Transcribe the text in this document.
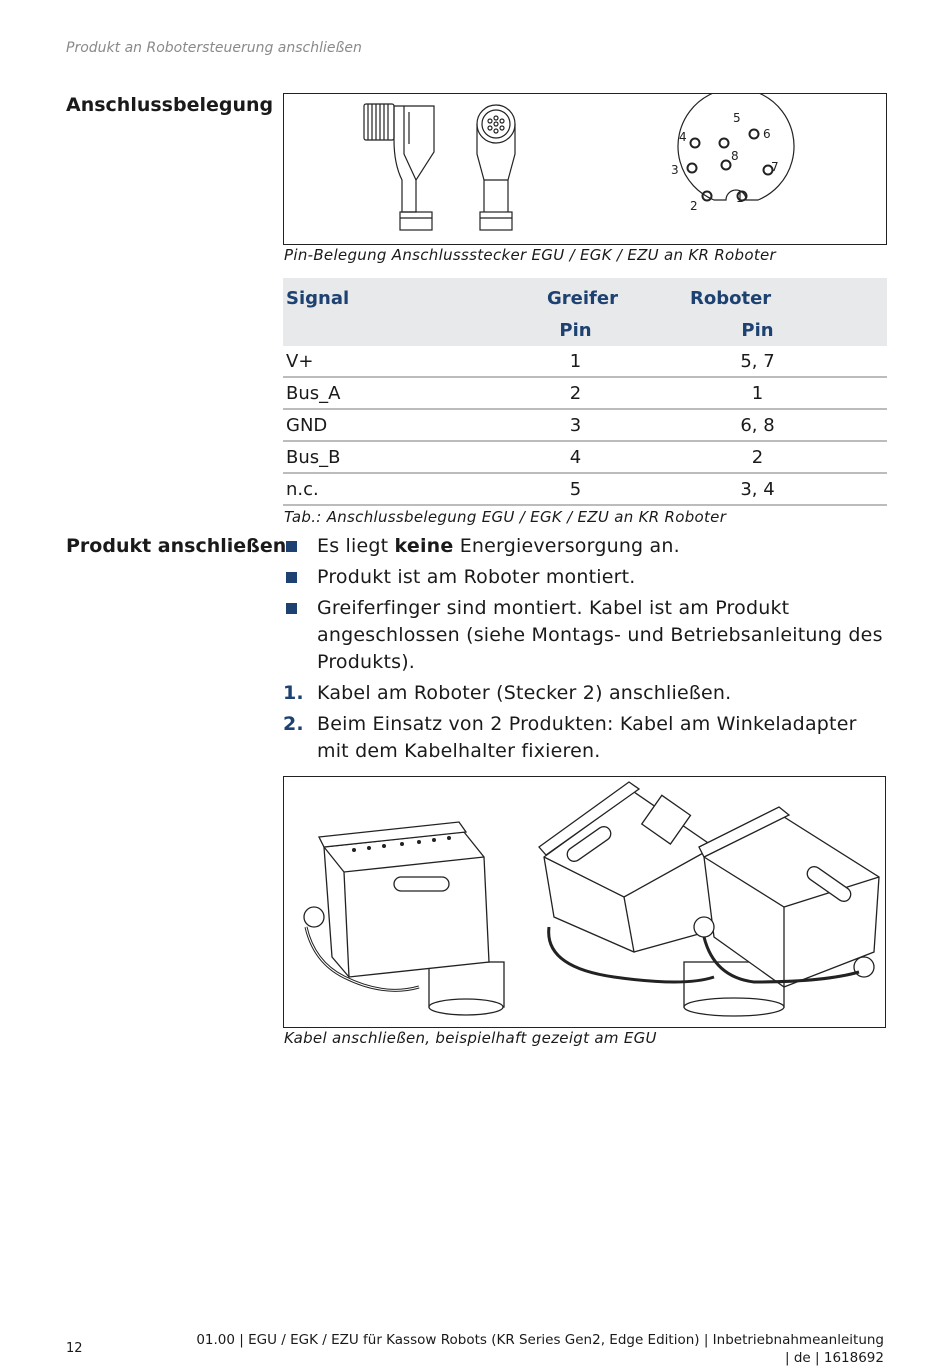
Produkt an Robotersteuerung anschließen
Anschlussbelegung
1
2
3
4
5
6
7
8
Pin-Belegung Anschlussstecker EGU / EGK / EZU an KR Roboter
Signal	Greifer	Roboter
	Pin	Pin
V+	1	5, 7
Bus_A	2	1
GND	3	6, 8
Bus_B	4	2
n.c.	5	3, 4
Tab.: Anschlussbelegung EGU / EGK / EZU an KR Roboter
Produkt anschließen	Es liegt keine Energieversorgung an.
Produkt ist am Roboter montiert.
Greiferfinger sind montiert. Kabel ist am Produkt angeschlossen (siehe Montags- und Betriebsanleitung des Produkts).
1. Kabel am Roboter (Stecker 2) anschließen.
2. Beim Einsatz von 2 Produkten: Kabel am Winkeladapter mit dem Kabelhalter fixieren.
Kabel anschließen, beispielhaft gezeigt am EGU
12
01.00 | EGU / EGK / EZU für Kassow Robots (KR Series Gen2, Edge Edition) | Inbetriebnahmeanleitung
| de | 1618692
